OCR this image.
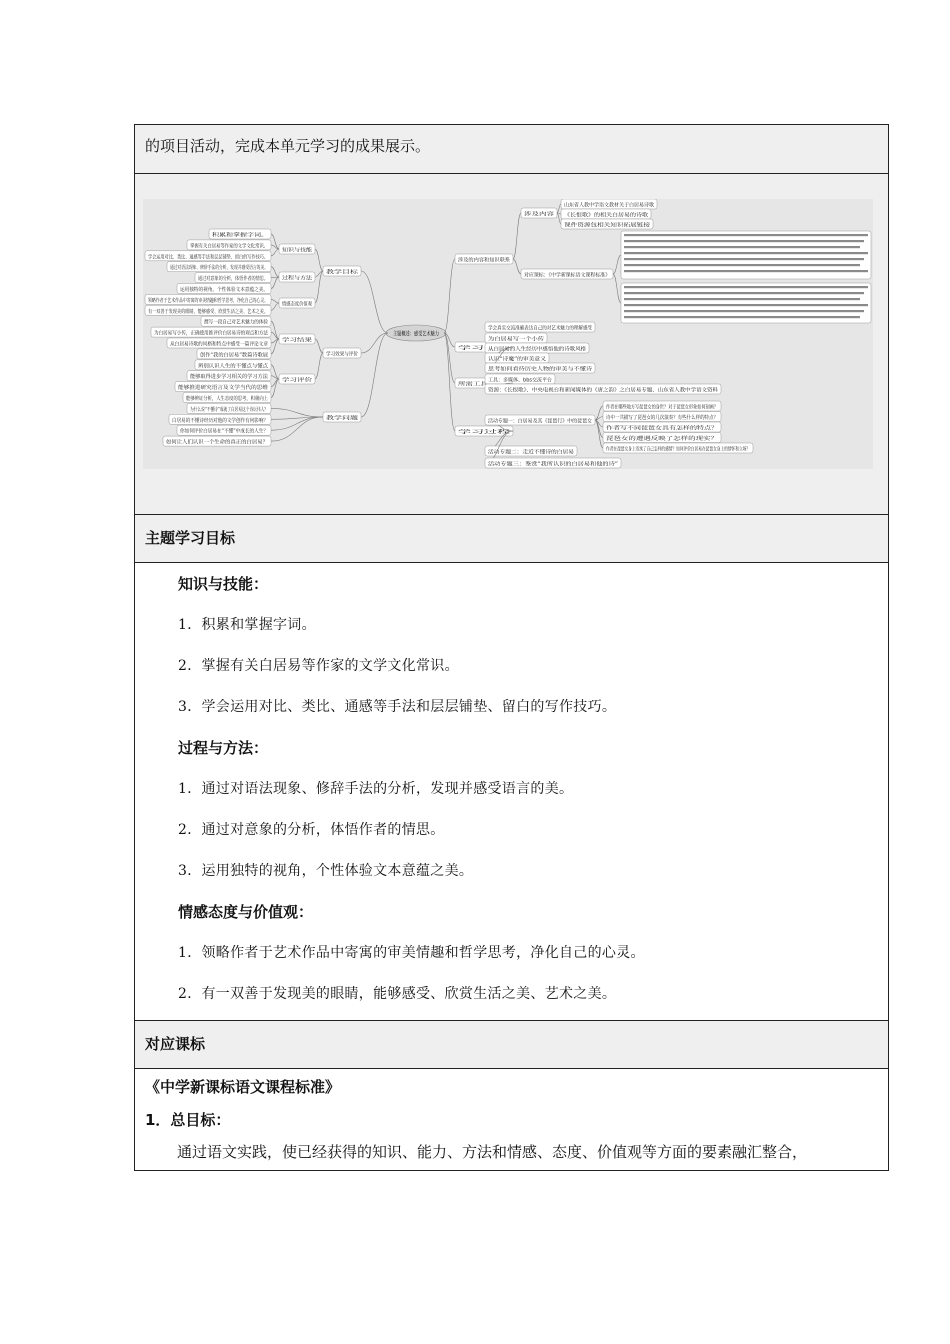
的项目活动，完成本单元学习的成果展示。
主题概述：感受艺术魅力
教学目标
学习效果与评价
教学问题
知识与技能
过程与方法
情感态度价值观
学习结果
学习评价
积累和掌握字词。
掌握有关白居易等作家的文学文化常识。
学会运用对比、类比、通感等手法和层层铺垫、留白的写作技巧。
通过对语法现象、修辞手法的分析，发现并感受语言的美。
通过对意象的分析，体悟作者的情思。
运用独特的视角，个性体验文本意蕴之美。
领略作者于艺术作品中寄寓的审美情趣和哲学思考，净化自己的心灵。
有一双善于发现美的眼睛，能够感受、欣赏生活之美、艺术之美。
撰写一段自己对艺术魅力的体验
为白居易写小传，正确使用推评价白居易诗的观点和方法
从白居易诗歌的风格和特点中感受一篇评论文章
创作“我的白居易”数篇诗歌展
辨别认识人生的不懂点与懂点
能够取得进步学习相关的学习方法
能够推进研究语言及文学当代的思维
能够辨证分析，人生态度的思考，积极向上
为什么说“不懂诗”成就了白居易这个诗坛伟人？
白居易的不懂诗经历对他的文学创作有何影响？
你如何评价白居易在“不懂”中成长的人生？
如何让人们认识一个生命的真正的白居易？
涉及的内容和知识联系
学习任务
所需工具及资源
学习过程
涉及内容
对应课标：《中学新课标语文课程标准》
山东省人教中学语文教材关于白居易诗歌
《长恨歌》的相关白居易的诗歌
课件资源包相关知识拓展链接
学会真实交流准确表达自己的对艺术魅力的理解感受
为白居易写一个小传
从白居易的人生经历中感悟他的诗歌风格
认识“诗魔”的审美意义
思考如何看待历史人物的审美与不懂诗
工具：多媒体、bbs交流平台
资源：《长恨歌》、中央电视台和新闻媒体的《唐之韵》之白居易专题、山东省人教中学语文资料
活动专题一：白居易及其《琵琶行》中的琵琶女
活动专题二：走近不懂诗的白居易
活动专题三：鉴赏“我所认识的白居易和他的诗”
作者在哪些地方写琵琶女的身世？对于琵琶女形象如何刻画？
诗中一共描写了琵琶女的几次演奏？有些什么样的特点？
作者写不同琵琶女具有怎样的特点？
琵琶女的遭遇反映了怎样的现实？
作者在琵琶女身上寄寓了自己怎样的感情？如何评价白居易在琵琶女身上的情怀和立场？
主题学习目标
知识与技能：
1．积累和掌握字词。
2．掌握有关白居易等作家的文学文化常识。
3．学会运用对比、类比、通感等手法和层层铺垫、留白的写作技巧。
过程与方法：
1．通过对语法现象、修辞手法的分析，发现并感受语言的美。
2．通过对意象的分析，体悟作者的情思。
3．运用独特的视角，个性体验文本意蕴之美。
情感态度与价值观：
1．领略作者于艺术作品中寄寓的审美情趣和哲学思考，净化自己的心灵。
2．有一双善于发现美的眼睛，能够感受、欣赏生活之美、艺术之美。
对应课标
《中学新课标语文课程标准》
1．总目标：
通过语文实践，使已经获得的知识、能力、方法和情感、态度、价值观等方面的要素融汇整合，
